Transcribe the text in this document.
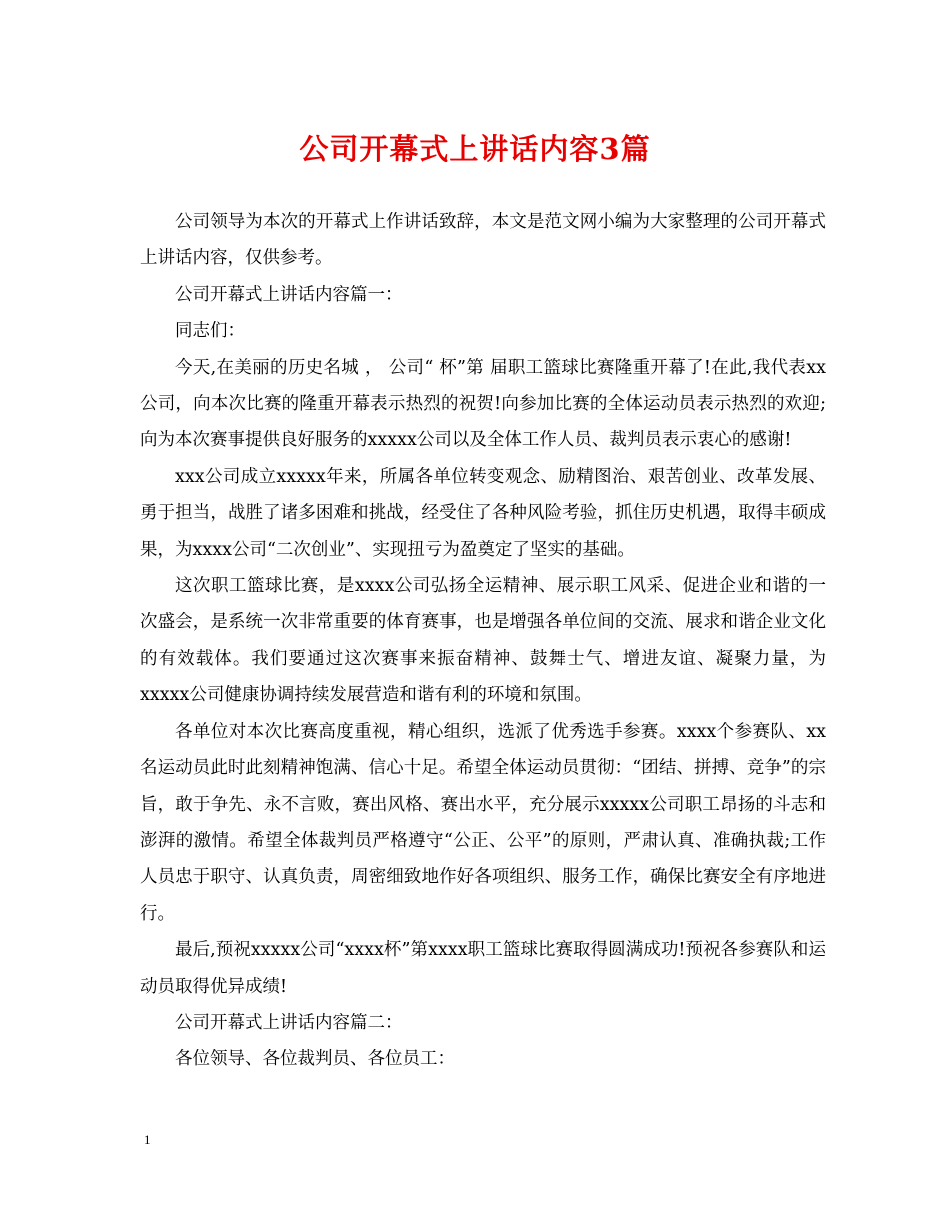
公司开幕式上讲话内容3篇

公司领导为本次的开幕式上作讲话致辞，本文是范文网小编为大家整理的公司开幕式上讲话内容，仅供参考。

公司开幕式上讲话内容篇一：

同志们：

今天,在美丽的历史名城 ， 公司“ 杯”第 届职工篮球比赛隆重开幕了!在此,我代表xx公司，向本次比赛的隆重开幕表示热烈的祝贺!向参加比赛的全体运动员表示热烈的欢迎;向为本次赛事提供良好服务的xxxxx公司以及全体工作人员、裁判员表示衷心的感谢!

xxx公司成立xxxxx年来，所属各单位转变观念、励精图治、艰苦创业、改革发展、勇于担当，战胜了诸多困难和挑战，经受住了各种风险考验，抓住历史机遇，取得丰硕成果，为xxxx公司“二次创业”、实现扭亏为盈奠定了坚实的基础。

这次职工篮球比赛，是xxxx公司弘扬全运精神、展示职工风采、促进企业和谐的一次盛会，是系统一次非常重要的体育赛事，也是增强各单位间的交流、展求和谐企业文化的有效载体。我们要通过这次赛事来振奋精神、鼓舞士气、增进友谊、凝聚力量，为xxxxx公司健康协调持续发展营造和谐有利的环境和氛围。

各单位对本次比赛高度重视，精心组织，选派了优秀选手参赛。xxxx个参赛队、xx名运动员此时此刻精神饱满、信心十足。希望全体运动员贯彻：“团结、拼搏、竞争”的宗旨，敢于争先、永不言败，赛出风格、赛出水平，充分展示xxxxx公司职工昂扬的斗志和澎湃的激情。希望全体裁判员严格遵守“公正、公平”的原则，严肃认真、准确执裁;工作人员忠于职守、认真负责，周密细致地作好各项组织、服务工作，确保比赛安全有序地进行。

最后,预祝xxxxx公司“xxxx杯”第xxxx职工篮球比赛取得圆满成功!预祝各参赛队和运动员取得优异成绩!

公司开幕式上讲话内容篇二：

各位领导、各位裁判员、各位员工：

1
